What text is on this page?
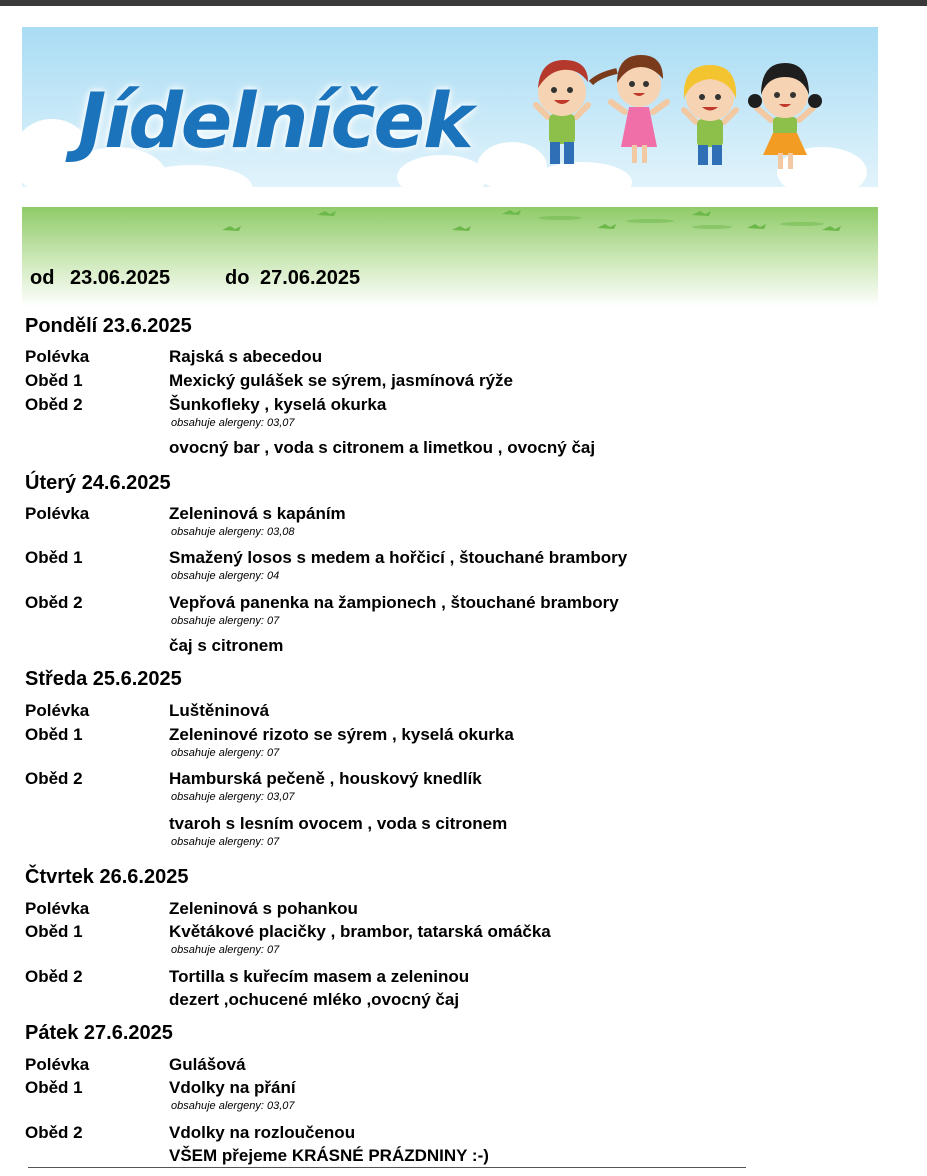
Jídelníček
od 23.06.2025	do 27.06.2025
Pondělí 23.6.2025
Polévka	Rajská s abecedou
Oběd 1	Mexický gulášek se sýrem, jasmínová rýže
Oběd 2	Šunkofleky , kyselá okurka
obsahuje alergeny: 03,07
ovocný bar , voda s citronem a limetkou , ovocný čaj
Úterý 24.6.2025
Polévka	Zeleninová s kapáním
obsahuje alergeny: 03,08
Oběd 1	Smažený losos s medem a hořčicí , štouchané brambory
obsahuje alergeny: 04
Oběd 2	Vepřová panenka na žampionech , štouchané brambory
obsahuje alergeny: 07
čaj s citronem
Středa 25.6.2025
Polévka	Luštěninová
Oběd 1	Zeleninové rizoto se sýrem , kyselá okurka
obsahuje alergeny: 07
Oběd 2	Hamburská pečeně , houskový knedlík
obsahuje alergeny: 03,07
tvaroh s lesním ovocem , voda s citronem
obsahuje alergeny: 07
Čtvrtek 26.6.2025
Polévka	Zeleninová s pohankou
Oběd 1	Květákové placičky , brambor, tatarská omáčka
obsahuje alergeny: 07
Oběd 2	Tortilla s kuřecím masem a zeleninou
dezert ,ochucené mléko ,ovocný čaj
Pátek 27.6.2025
Polévka	Gulášová
Oběd 1	Vdolky na přání
obsahuje alergeny: 03,07
Oběd 2	Vdolky na rozloučenou
VŠEM přejeme KRÁSNÉ PRÁZDNINY :-)
